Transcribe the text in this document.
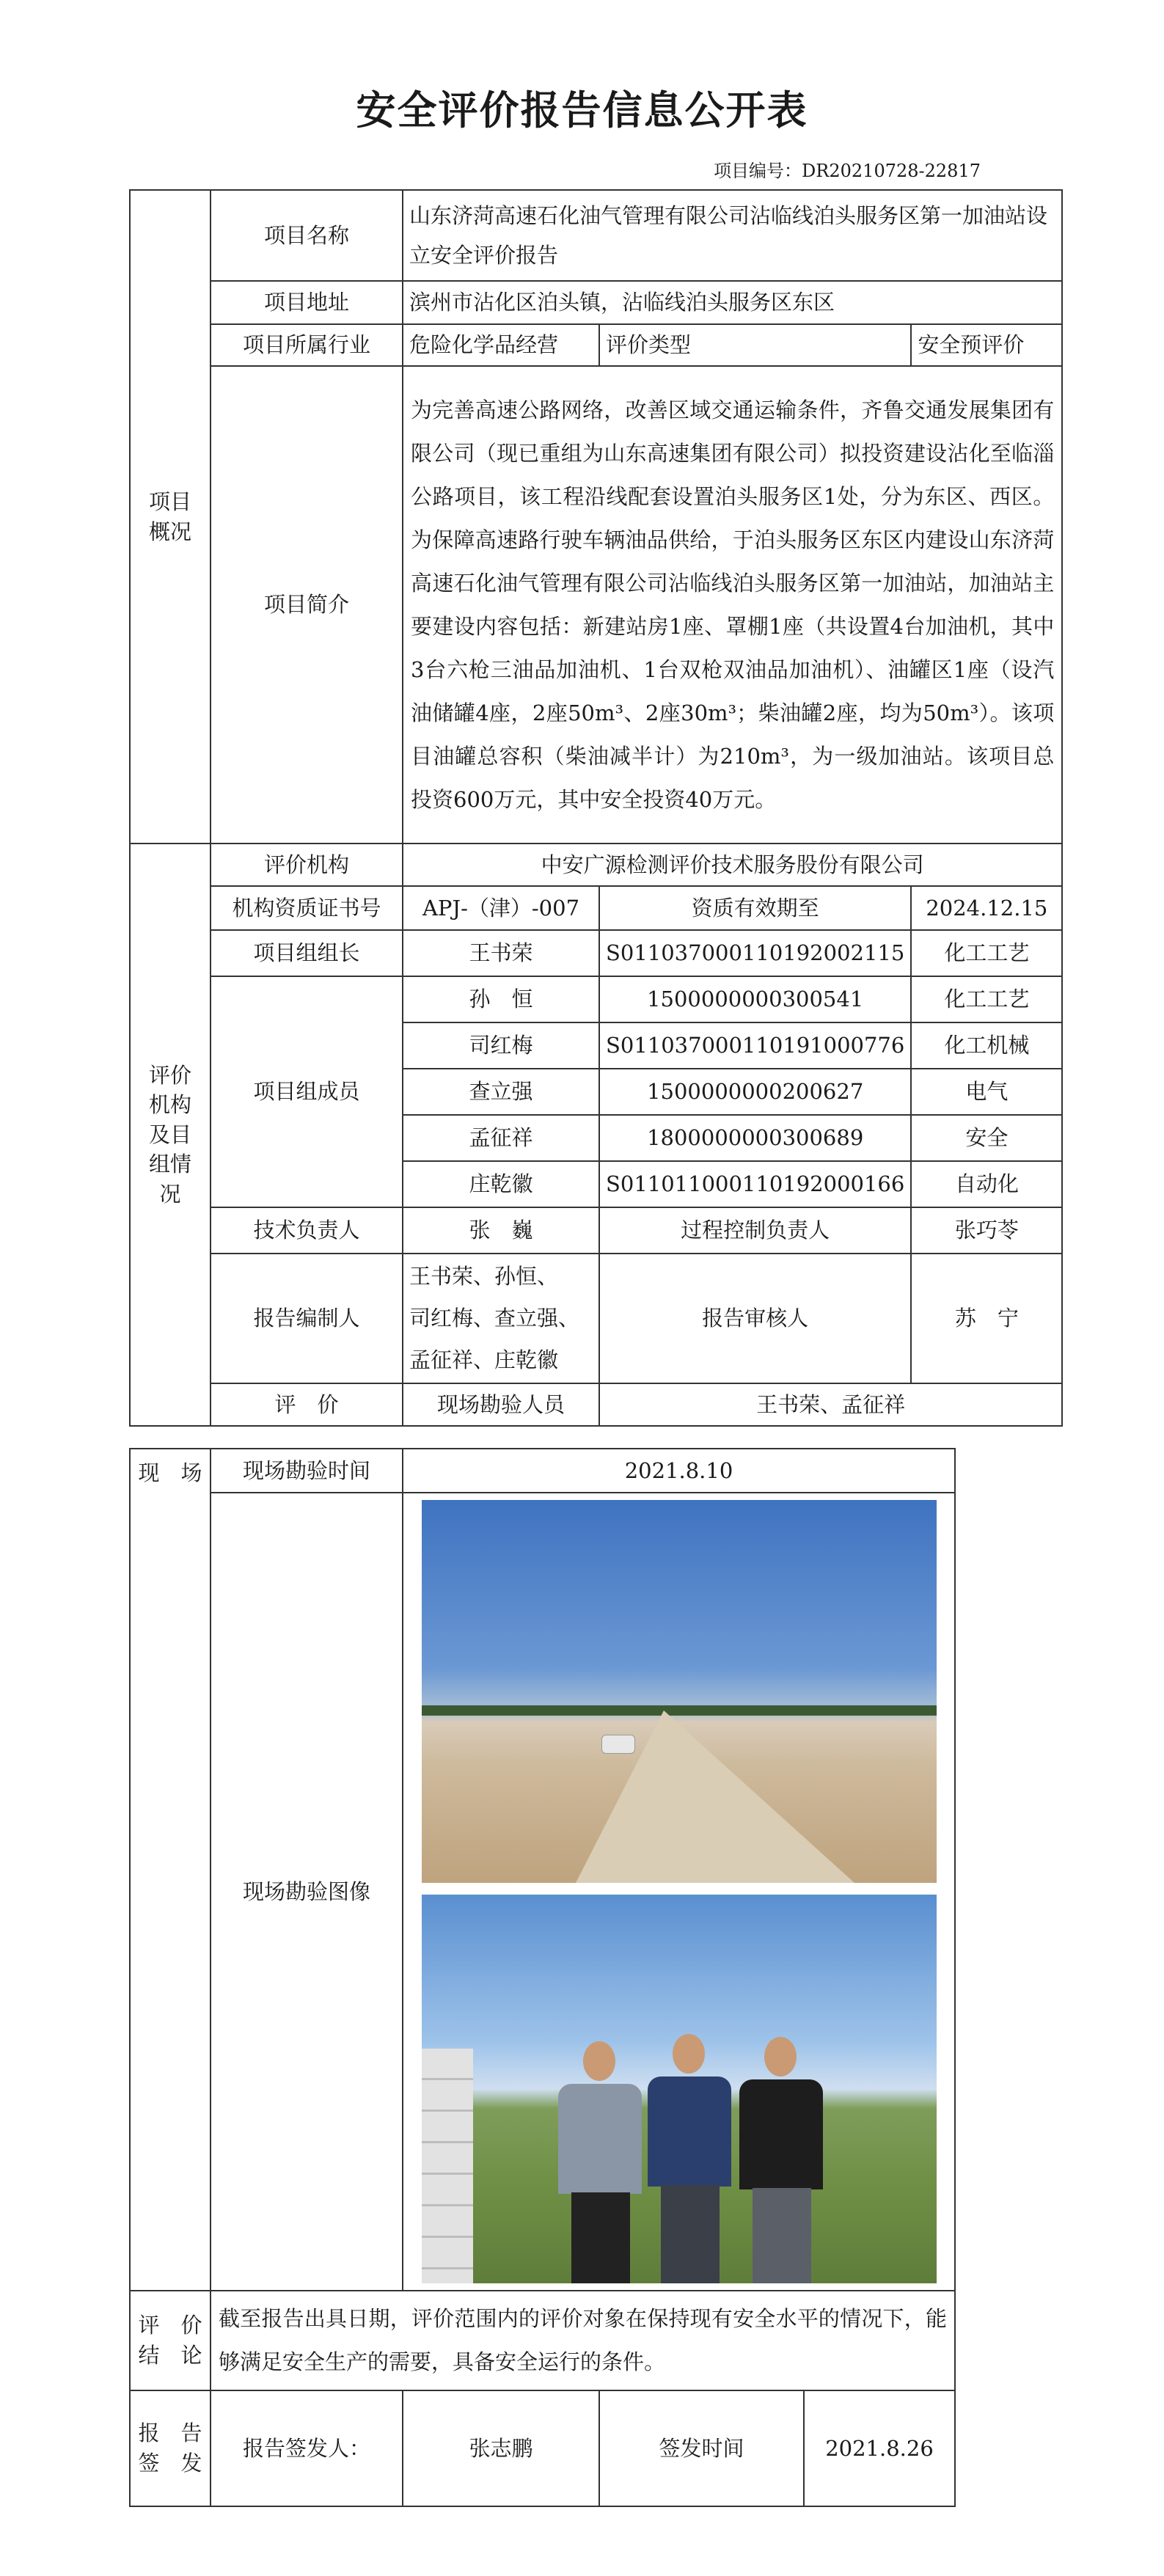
安全评价报告信息公开表
项目编号：DR20210728-22817
项目
概况	项目名称	山东济菏高速石化油气管理有限公司沾临线泊头服务区第一加油站设立安全评价报告		
	项目地址	滨州市沾化区泊头镇，沾临线泊头服务区东区		
	项目所属行业	危险化学品经营	评价类型	安全预评价
	项目简介	为完善高速公路网络，改善区域交通运输条件，齐鲁交通发展集团有限公司（现已重组为山东高速集团有限公司）拟投资建设沾化至临淄公路项目，该工程沿线配套设置泊头服务区1处，分为东区、西区。为保障高速路行驶车辆油品供给，于泊头服务区东区内建设山东济菏高速石化油气管理有限公司沾临线泊头服务区第一加油站，加油站主要建设内容包括：新建站房1座、罩棚1座（共设置4台加油机，其中3台六枪三油品加油机、1台双枪双油品加油机）、油罐区1座（设汽油储罐4座，2座50m³、2座30m³；柴油罐2座，均为50m³）。该项目油罐总容积（柴油减半计）为210m³，为一级加油站。该项目总投资600万元，其中安全投资40万元。		
评价
机构
及目
组情
况	评价机构	中安广源检测评价技术服务股份有限公司		
	机构资质证书号	APJ-（津）-007	资质有效期至	2024.12.15
	项目组组长	王书荣	S011037000110192002115	化工工艺
	项目组成员	孙　恒	1500000000300541	化工工艺
		司红梅	S011037000110191000776	化工机械
		查立强	1500000000200627	电气
		孟征祥	1800000000300689	安全
		庄乾徽	S011011000110192000166	自动化
	技术负责人	张　巍	过程控制负责人	张巧苓
	报告编制人	王书荣、孙恒、
司红梅、查立强、
孟征祥、庄乾徽	报告审核人	苏　宁
	评　价	现场勘验人员	王书荣、孟征祥	
现　场	现场勘验时间	2021.8.10		
	现场勘验图像			

评　价
结　论	截至报告出具日期，评价范围内的评价对象在保持现有安全水平的情况下，能够满足安全生产的需要，具备安全运行的条件。			
报　告
签　发	报告签发人：	张志鹏	签发时间	2021.8.26
